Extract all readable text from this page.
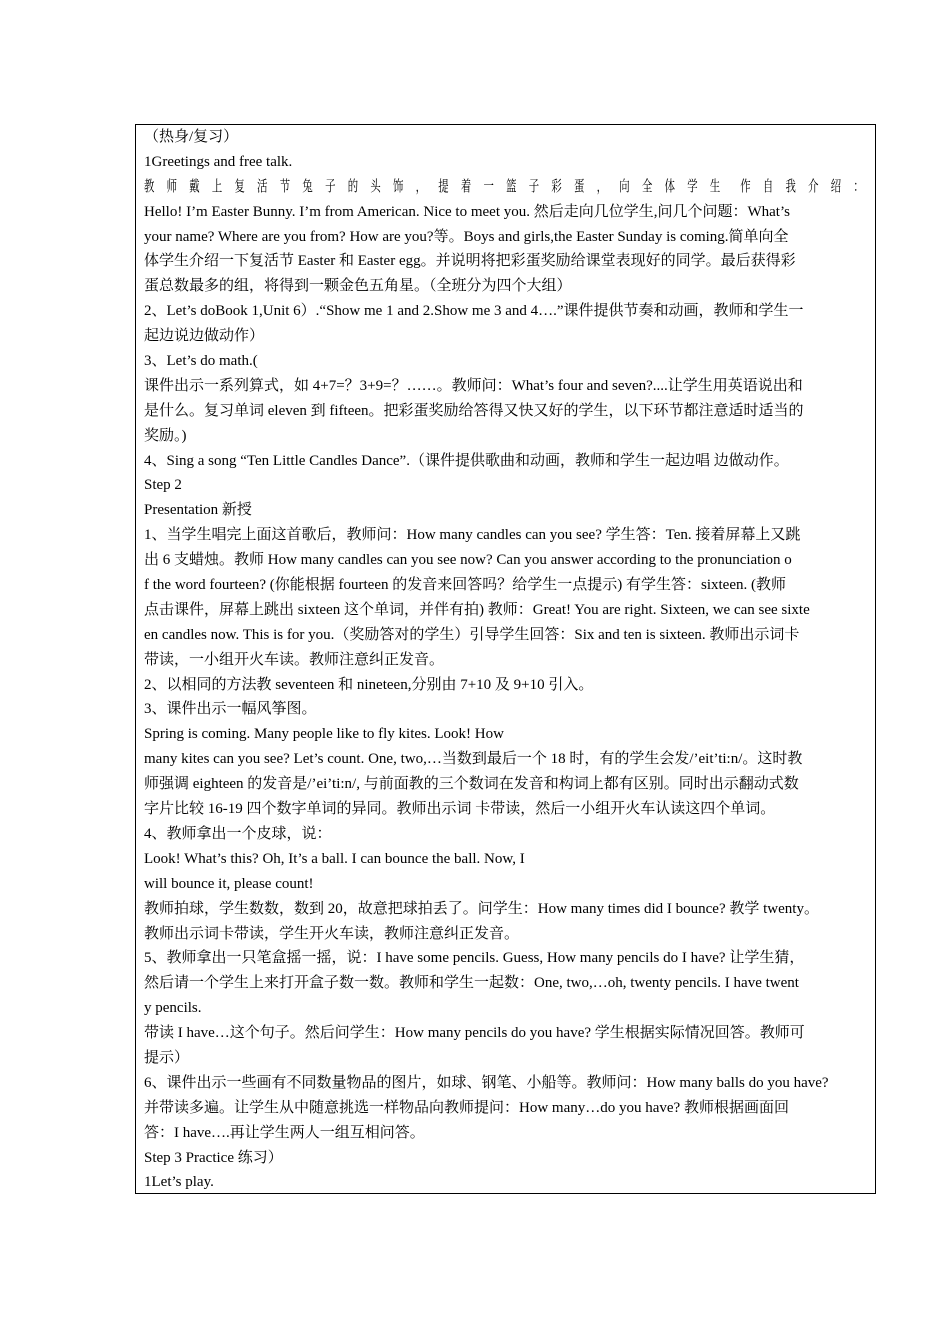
（热身/复习）
1Greetings and free talk.
教 师 戴 上 复 活 节 兔 子 的 头 饰 ， 提 着 一 篮 子 彩 蛋 ， 向 全 体 学 生　作 自 我 介 绍 ：
Hello! I’m Easter Bunny. I’m from American. Nice to meet you. 然后走向几位学生,问几个问题：What’s
your name? Where are you from? How are you?等。Boys and girls,the Easter Sunday is coming.简单向全
体学生介绍一下复活节 Easter 和 Easter egg。并说明将把彩蛋奖励给课堂表现好的同学。最后获得彩
蛋总数最多的组，将得到一颗金色五角星。（全班分为四个大组）
2、Let’s doBook 1,Unit 6）.“Show me 1 and 2.Show me 3 and 4….”课件提供节奏和动画，教师和学生一
起边说边做动作）
3、Let’s do math.(
课件出示一系列算式，如 4+7=？3+9=？……。教师问：What’s four and seven?....让学生用英语说出和
是什么。复习单词 eleven 到 fifteen。把彩蛋奖励给答得又快又好的学生，以下环节都注意适时适当的
奖励。)
4、Sing a song “Ten Little Candles Dance”.（课件提供歌曲和动画，教师和学生一起边唱 边做动作。
Step 2
Presentation 新授
1、当学生唱完上面这首歌后，教师问：How many candles can you see? 学生答：Ten. 接着屏幕上又跳
出 6 支蜡烛。教师 How many candles can you see now? Can you answer according to the pronunciation o
f the word fourteen? (你能根据 fourteen 的发音来回答吗？给学生一点提示) 有学生答：sixteen. (教师
点击课件，屏幕上跳出 sixteen 这个单词，并伴有拍) 教师：Great! You are right. Sixteen, we can see sixte
en candles now. This is for you.（奖励答对的学生）引导学生回答：Six and ten is sixteen. 教师出示词卡
带读，一小组开火车读。教师注意纠正发音。
2、以相同的方法教 seventeen 和 nineteen,分别由 7+10 及 9+10 引入。
3、课件出示一幅风筝图。
Spring is coming. Many people like to fly kites. Look! How
many kites can you see? Let’s count. One, two,…当数到最后一个 18 时，有的学生会发/’eit’ti:n/。这时教
师强调 eighteen 的发音是/’ei’ti:n/, 与前面教的三个数词在发音和构词上都有区别。同时出示翻动式数
字片比较 16-19 四个数字单词的异同。教师出示词 卡带读，然后一小组开火车认读这四个单词。
4、教师拿出一个皮球，说：
Look! What’s this? Oh, It’s a ball. I can bounce the ball. Now, I
will bounce it, please count!
教师拍球，学生数数，数到 20，故意把球拍丢了。问学生：How many times did I bounce? 教学 twenty。
教师出示词卡带读，学生开火车读，教师注意纠正发音。
5、教师拿出一只笔盒摇一摇，说：I have some pencils. Guess, How many pencils do I have? 让学生猜，
然后请一个学生上来打开盒子数一数。教师和学生一起数：One, two,…oh, twenty pencils. I have twent
y pencils.
带读 I have…这个句子。然后问学生：How many pencils do you have? 学生根据实际情况回答。教师可
提示）
6、课件出示一些画有不同数量物品的图片，如球、钢笔、小船等。教师问：How many balls do you have?
并带读多遍。让学生从中随意挑选一样物品向教师提问：How many…do you have? 教师根据画面回
答：I have….再让学生两人一组互相问答。
Step 3 Practice 练习）
1Let’s play.
